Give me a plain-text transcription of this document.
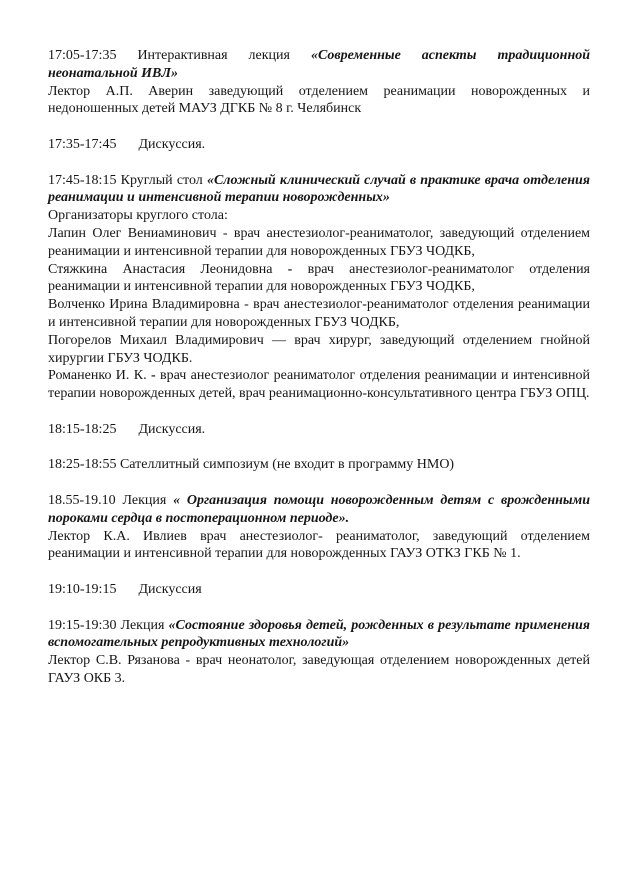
17:05-17:35 Интерактивная лекция «Современные аспекты традиционной неонатальной ИВЛ»

Лектор А.П. Аверин заведующий отделением реанимации новорожденных и недоношенных детей МАУЗ ДГКБ № 8 г. Челябинск

17:35-17:45 Дискуссия.

17:45-18:15 Круглый стол «Сложный клинический случай в практике врача отделения реанимации и интенсивной терапии новорожденных»

Организаторы круглого стола:

Лапин Олег Вениаминович - врач анестезиолог-реаниматолог, заведующий отделением реанимации и интенсивной терапии для новорожденных ГБУЗ ЧОДКБ,

Стяжкина Анастасия Леонидовна - врач анестезиолог-реаниматолог отделения реанимации и интенсивной терапии для новорожденных ГБУЗ ЧОДКБ,

Волченко Ирина Владимировна - врач анестезиолог-реаниматолог отделения реанимации и интенсивной терапии для новорожденных ГБУЗ ЧОДКБ,

Погорелов Михаил Владимирович — врач хирург, заведующий отделением гнойной хирургии ГБУЗ ЧОДКБ.

Романенко И. К. - врач анестезиолог реаниматолог отделения реанимации и интенсивной терапии новорожденных детей, врач реанимационно-консультативного центра ГБУЗ ОПЦ.

18:15-18:25 Дискуссия.

18:25-18:55 Сателлитный симпозиум (не входит в программу НМО)

18.55-19.10 Лекция « Организация помощи новорожденным детям с врожденными пороками сердца в постоперационном периоде».

Лектор К.А. Ивлиев врач анестезиолог- реаниматолог, заведующий отделением реанимации и интенсивной терапии для новорожденных ГАУЗ ОТКЗ ГКБ № 1.

19:10-19:15 Дискуссия

19:15-19:30 Лекция «Состояние здоровья детей, рожденных в результате применения вспомогательных репродуктивных технологий»

Лектор С.В. Рязанова - врач неонатолог, заведующая отделением новорожденных детей ГАУЗ ОКБ 3.
